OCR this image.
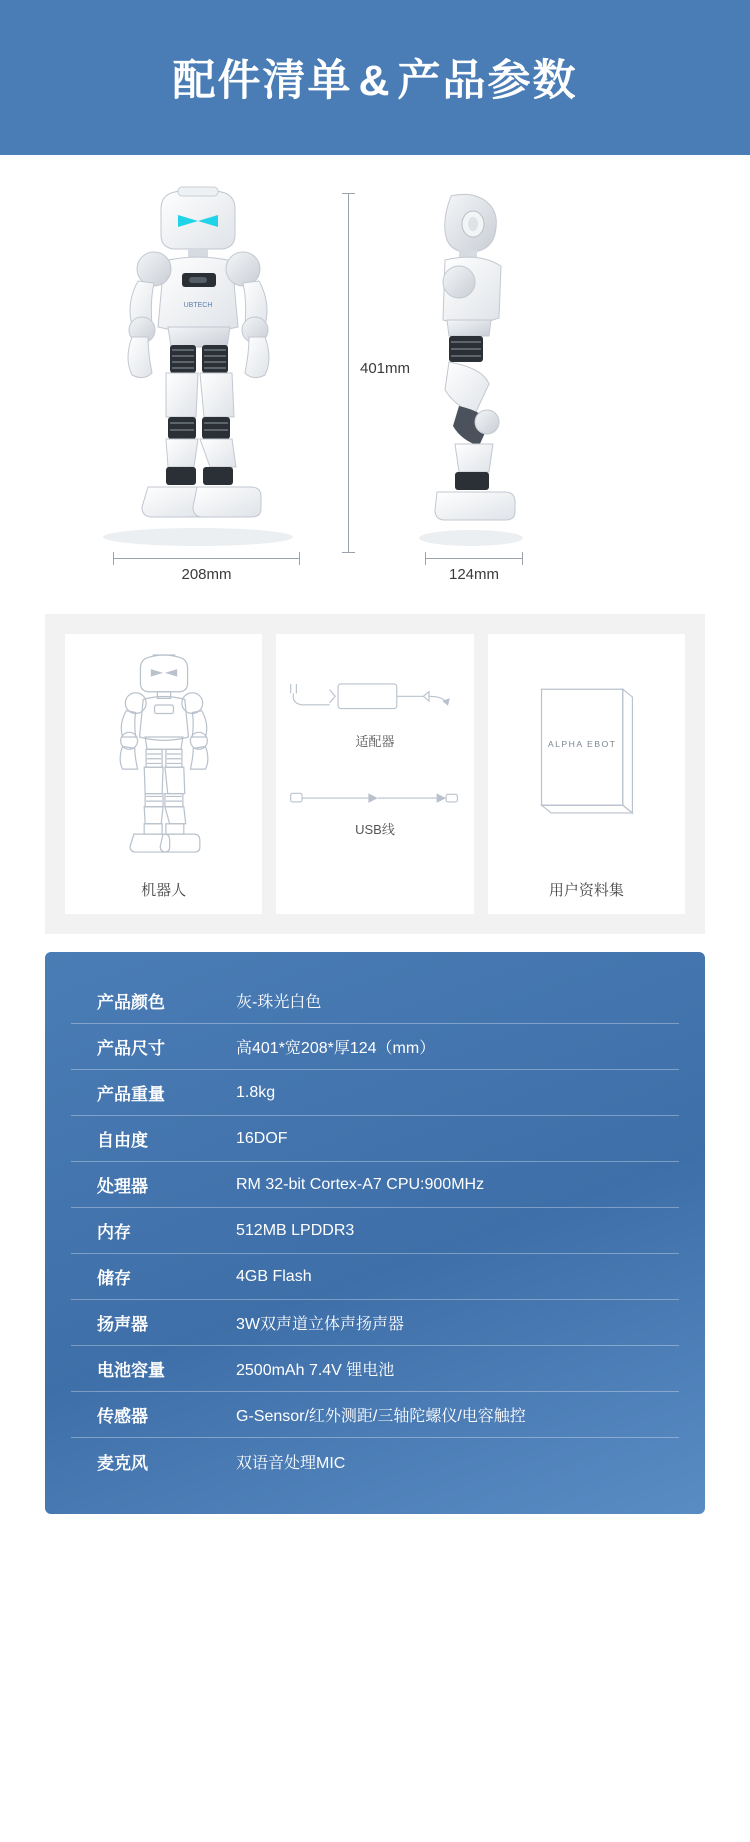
配件清单 & 产品参数
UBTECH
401mm
208mm	124mm
机器人
适配器
USB线
ALPHA EBOT
用户资料集
产品颜色	灰-珠光白色
产品尺寸	高401*宽208*厚124（mm）
产品重量	1.8kg
自由度	16DOF
处理器	RM 32-bit Cortex-A7 CPU:900MHz
内存	512MB LPDDR3
储存	4GB Flash
扬声器	3W双声道立体声扬声器
电池容量	2500mAh 7.4V 锂电池
传感器	G-Sensor/红外测距/三轴陀螺仪/电容触控
麦克风	双语音处理MIC
